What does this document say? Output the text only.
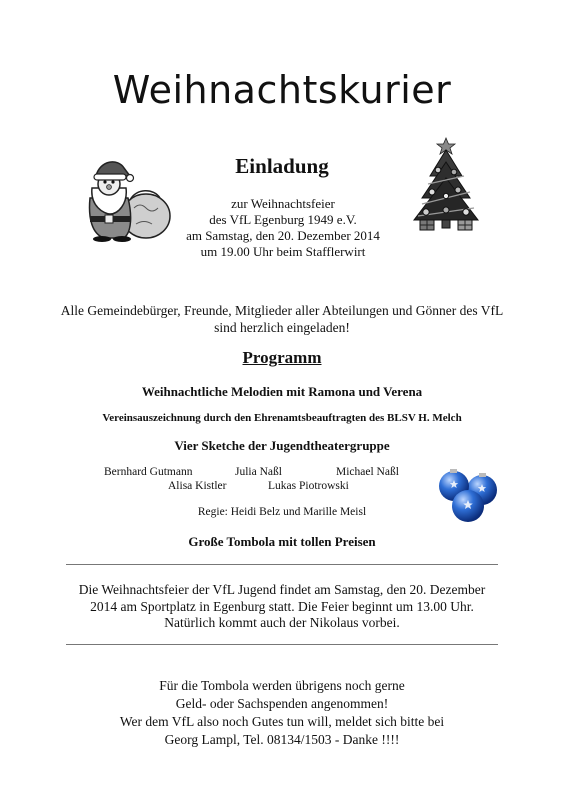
Weihnachtskurier
Einladung
zur Weihnachtsfeier
des VfL Egenburg 1949 e.V.
am Samstag, den 20. Dezember 2014
um 19.00 Uhr beim Stafflerwirt
Alle Gemeindebürger, Freunde, Mitglieder aller Abteilungen und Gönner des VfL sind herzlich eingeladen!
Programm
Weihnachtliche Melodien mit Ramona und Verena
Vereinsauszeichnung durch den Ehrenamtsbeauftragten des BLSV H. Melch
Vier Sketche der Jugendtheatergruppe
Bernhard Gutmann	Julia Naßl	Michael Naßl
Alisa Kistler	Lukas Piotrowski
Regie: Heidi Belz und Marille Meisl
Große Tombola mit tollen Preisen
Die Weihnachtsfeier der VfL Jugend findet am Samstag, den 20. Dezember
2014 am Sportplatz in Egenburg statt. Die Feier beginnt um 13.00 Uhr.
Natürlich kommt auch der Nikolaus vorbei.
Für die Tombola werden übrigens noch gerne
Geld- oder Sachspenden angenommen!
Wer dem VfL also noch Gutes tun will, meldet sich bitte bei
Georg Lampl, Tel. 08134/1503 - Danke !!!!
